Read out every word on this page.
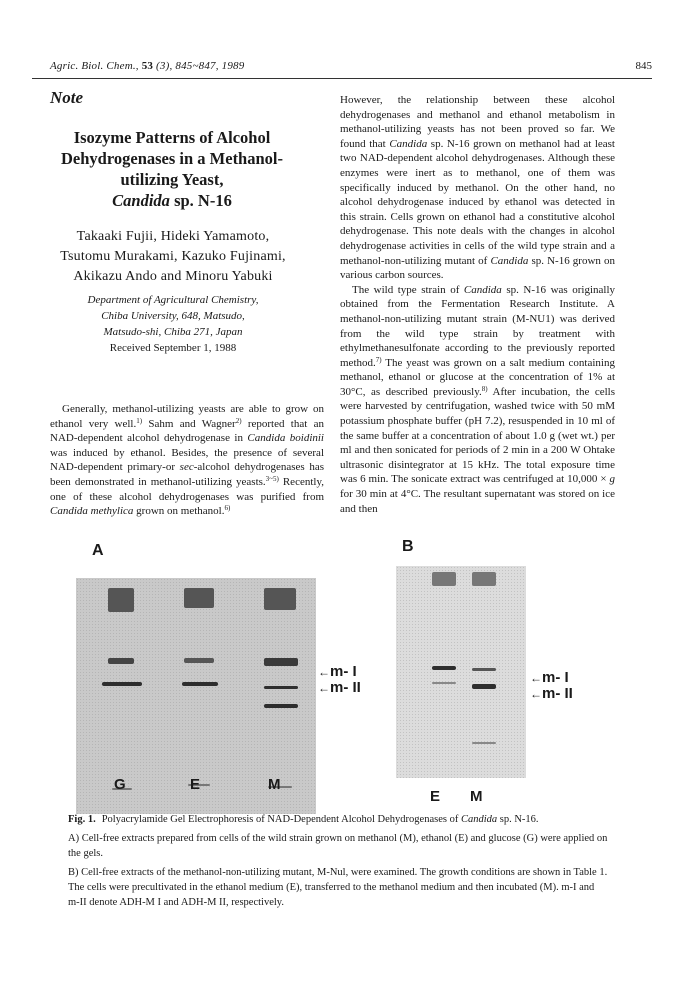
Agric. Biol. Chem., 53 (3), 845~847, 1989	845
Note
Isozyme Patterns of Alcohol
Dehydrogenases in a Methanol-
utilizing Yeast,
Candida sp. N-16
Takaaki Fujii, Hideki Yamamoto,
Tsutomu Murakami, Kazuko Fujinami,
Akikazu Ando and Minoru Yabuki
Department of Agricultural Chemistry,
Chiba University, 648, Matsudo,
Matsudo-shi, Chiba 271, Japan
Received September 1, 1988

Generally, methanol-utilizing yeasts are able to grow on ethanol very well.$^{1)}$ Sahm and Wagner$^{2)}$ reported that an NAD-dependent alcohol dehydrogenase in Candida boidinii was induced by ethanol. Besides, the presence of several NAD-dependent primary-or sec-alcohol dehydrogenases has been demonstrated in methanol-utilizing yeasts.$^{3\sim 5)}$ Recently, one of these alcohol dehydrogenases was purified from Candida methylica grown on methanol.$^{6)}$

However, the relationship between these alcohol dehydrogenases and methanol and ethanol metabolism in methanol-utilizing yeasts has not been proved so far. We found that Candida sp. N-16 grown on methanol had at least two NAD-dependent alcohol dehydrogenases. Although these enzymes were inert as to methanol, one of them was specifically induced by methanol. On the other hand, no alcohol dehydrogenase induced by ethanol was detected in this strain. Cells grown on ethanol had a constitutive alcohol dehydrogenase. This note deals with the changes in alcohol dehydrogenase activities in cells of the wild type strain and a methanol-non-utilizing mutant of Candida sp. N-16 grown on various carbon sources.

The wild type strain of Candida sp. N-16 was originally obtained from the Fermentation Research Institute. A methanol-non-utilizing mutant strain (M-NU1) was derived from the wild type strain by treatment with ethylmethanesulfonate according to the previously reported method.$^{7)}$ The yeast was grown on a salt medium containing methanol, ethanol or glucose at the concentration of 1% at 30°C, as described previously.$^{8)}$ After incubation, the cells were harvested by centrifugation, washed twice with 50 mM potassium phosphate buffer (pH 7.2), resuspended in 10 ml of the same buffer at a concentration of about 1.0 g (wet wt.) per ml and then sonicated for periods of 2 min in a 200 W Ohtake ultrasonic disintegrator at 15 kHz. The total exposure time was 6 min. The sonicate extract was centrifuged at 10,000 × g for 30 min at 4°C. The resultant supernatant was stored on ice and then

A
←m- I
←m- II
G	E	M
B
←m- I
←m- II
E M

Fig. 1. Polyacrylamide Gel Electrophoresis of NAD-Dependent Alcohol Dehydrogenases of Candida sp. N-16.

A) Cell-free extracts prepared from cells of the wild strain grown on methanol (M), ethanol (E) and glucose (G) were applied on the gels.

B) Cell-free extracts of the methanol-non-utilizing mutant, M-Nul, were examined. The growth conditions are shown in Table 1. The cells were precultivated in the ethanol medium (E), transferred to the methanol medium and then incubated (M). m-I and m-II denote ADH-M I and ADH-M II, respectively.
